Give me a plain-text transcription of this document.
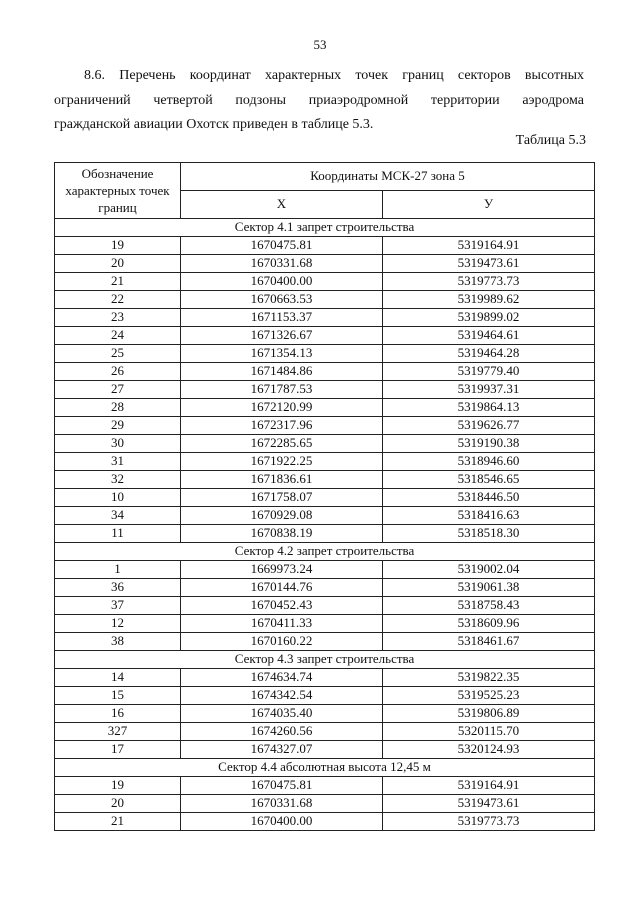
53

8.6. Перечень координат характерных точек границ секторов высотных
ограничений четвертой подзоны приаэродромной территории аэродрома
гражданской авиации Охотск приведен в таблице 5.3.

Таблица 5.3
Обозначение характерных точек границ	Координаты МСК-27 зона 5	
	X	У
Сектор 4.1 запрет строительства		
19	1670475.81	5319164.91
20	1670331.68	5319473.61
21	1670400.00	5319773.73
22	1670663.53	5319989.62
23	1671153.37	5319899.02
24	1671326.67	5319464.61
25	1671354.13	5319464.28
26	1671484.86	5319779.40
27	1671787.53	5319937.31
28	1672120.99	5319864.13
29	1672317.96	5319626.77
30	1672285.65	5319190.38
31	1671922.25	5318946.60
32	1671836.61	5318546.65
10	1671758.07	5318446.50
34	1670929.08	5318416.63
11	1670838.19	5318518.30
Сектор 4.2 запрет строительства		
1	1669973.24	5319002.04
36	1670144.76	5319061.38
37	1670452.43	5318758.43
12	1670411.33	5318609.96
38	1670160.22	5318461.67
Сектор 4.3 запрет строительства		
14	1674634.74	5319822.35
15	1674342.54	5319525.23
16	1674035.40	5319806.89
327	1674260.56	5320115.70
17	1674327.07	5320124.93
Сектор 4.4 абсолютная высота 12,45 м		
19	1670475.81	5319164.91
20	1670331.68	5319473.61
21	1670400.00	5319773.73
